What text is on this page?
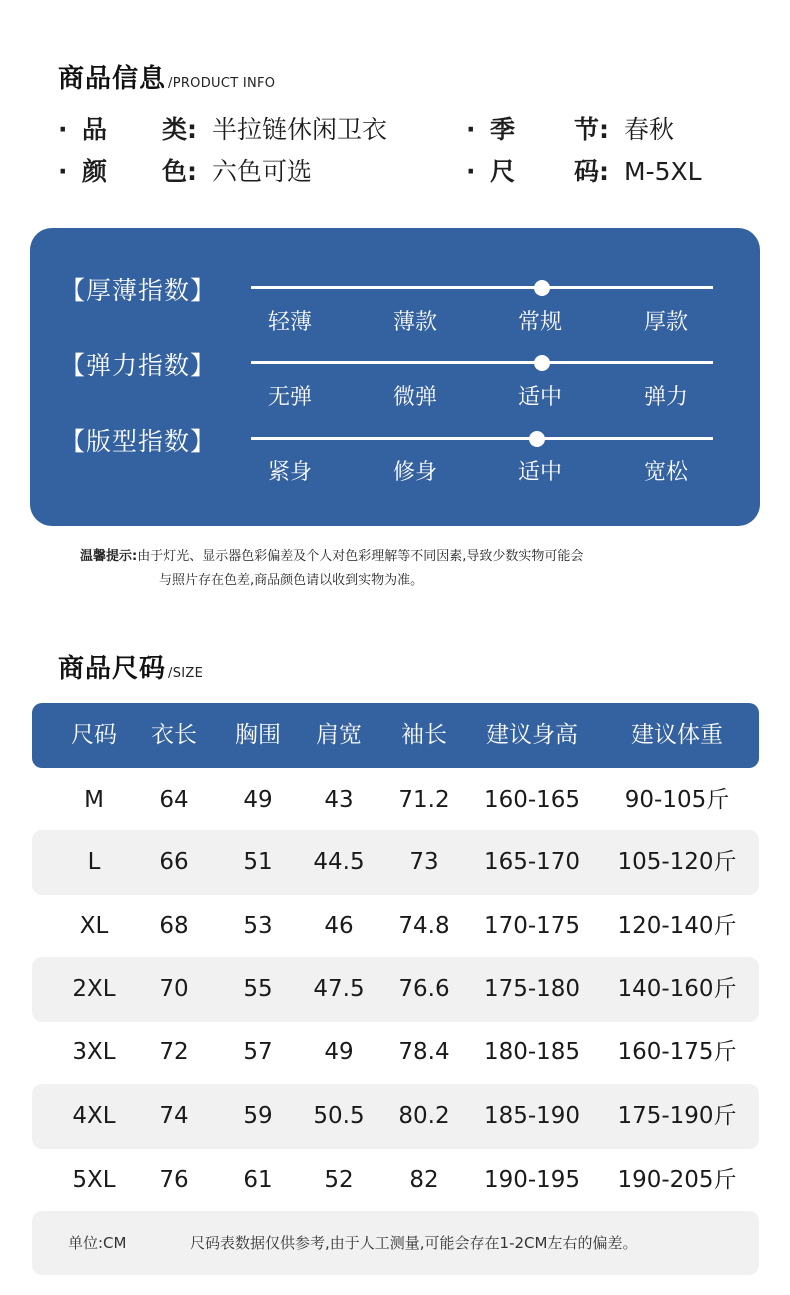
商品信息 /PRODUCT INFO
· 品 类: 半拉链休闲卫衣	· 季 节: 春秋
· 颜 色: 六色可选	· 尺 码: M-5XL
【厚薄指数】
轻薄	薄款	常规	厚款
【弹力指数】
无弹	微弹	适中	弹力
【版型指数】
紧身	修身	适中	宽松
温馨提示:由于灯光、显示器色彩偏差及个人对色彩理解等不同因素,导致少数实物可能会
与照片存在色差,商品颜色请以收到实物为准。
商品尺码 /SIZE
尺码	衣长	胸围	肩宽	袖长	建议身高	建议体重
M	64	49	43	71.2	160-165	90-105斤
L	66	51	44.5	73	165-170	105-120斤
XL	68	53	46	74.8	170-175	120-140斤
2XL	70	55	47.5	76.6	175-180	140-160斤
3XL	72	57	49	78.4	180-185	160-175斤
4XL	74	59	50.5	80.2	185-190	175-190斤
5XL	76	61	52	82	190-195	190-205斤
单位:CM	尺码表数据仅供参考,由于人工测量,可能会存在1-2CM左右的偏差。
